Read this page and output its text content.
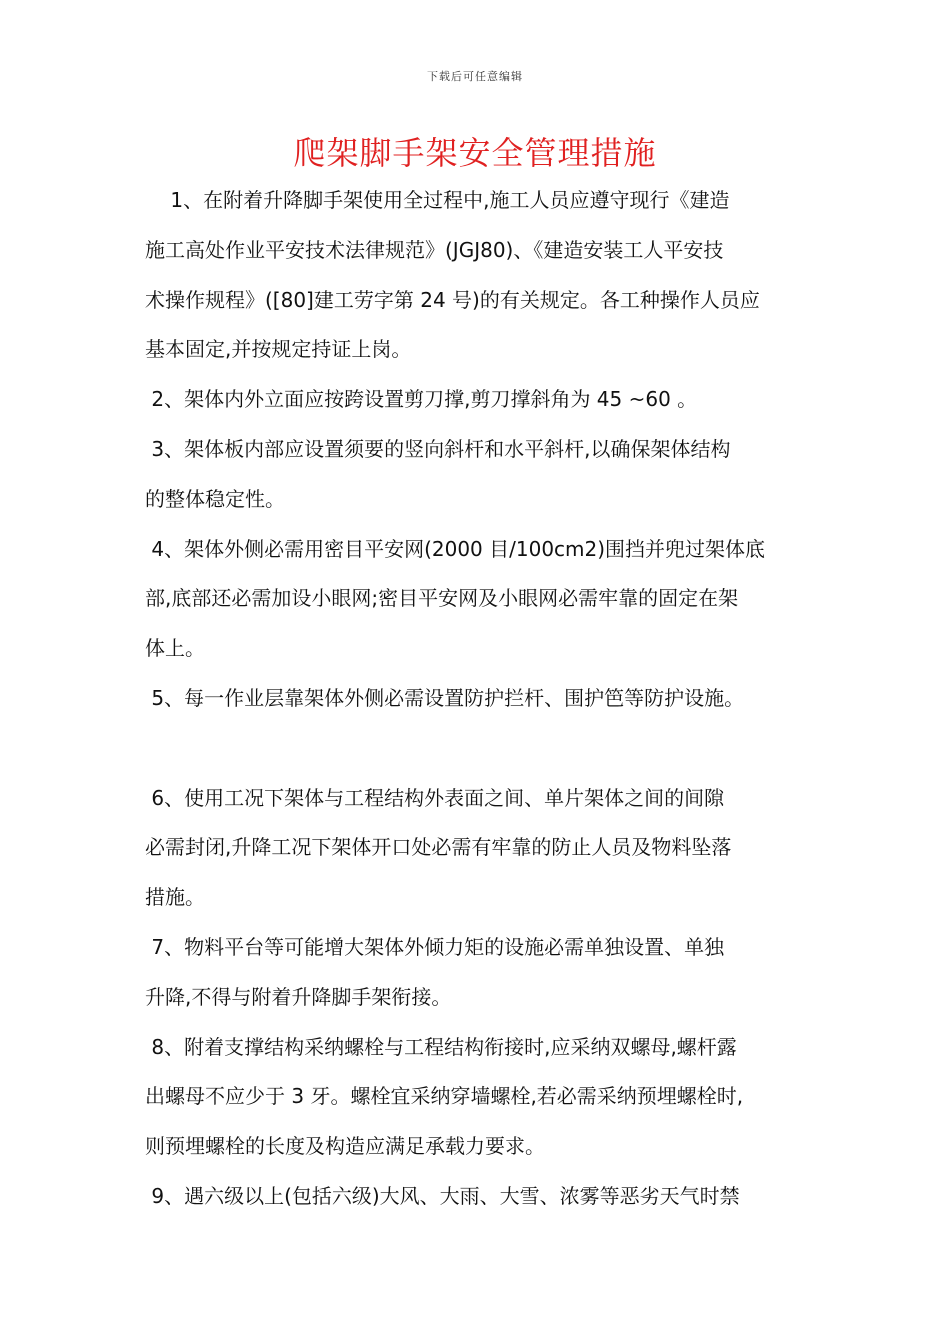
下载后可任意编辑
爬架脚手架安全管理措施
1、在附着升降脚手架使用全过程中,施工人员应遵守现行《建造
施工高处作业平安技术法律规范》(JGJ80)、《建造安装工人平安技
术操作规程》([80]建工劳字第 24 号)的有关规定。各工种操作人员应
基本固定,并按规定持证上岗。
2、架体内外立面应按跨设置剪刀撑,剪刀撑斜角为 45 ~60 。
3、架体板内部应设置须要的竖向斜杆和水平斜杆,以确保架体结构
的整体稳定性。
4、架体外侧必需用密目平安网(2000 目/100cm2)围挡并兜过架体底
部,底部还必需加设小眼网;密目平安网及小眼网必需牢靠的固定在架
体上。
5、每一作业层靠架体外侧必需设置防护拦杆、围护笆等防护设施。
6、使用工况下架体与工程结构外表面之间、单片架体之间的间隙
必需封闭,升降工况下架体开口处必需有牢靠的防止人员及物料坠落
措施。
7、物料平台等可能增大架体外倾力矩的设施必需单独设置、单独
升降,不得与附着升降脚手架衔接。
8、附着支撑结构采纳螺栓与工程结构衔接时,应采纳双螺母,螺杆露
出螺母不应少于 3 牙。螺栓宜采纳穿墙螺栓,若必需采纳预埋螺栓时,
则预埋螺栓的长度及构造应满足承载力要求。
9、遇六级以上(包括六级)大风、大雨、大雪、浓雾等恶劣天气时禁
